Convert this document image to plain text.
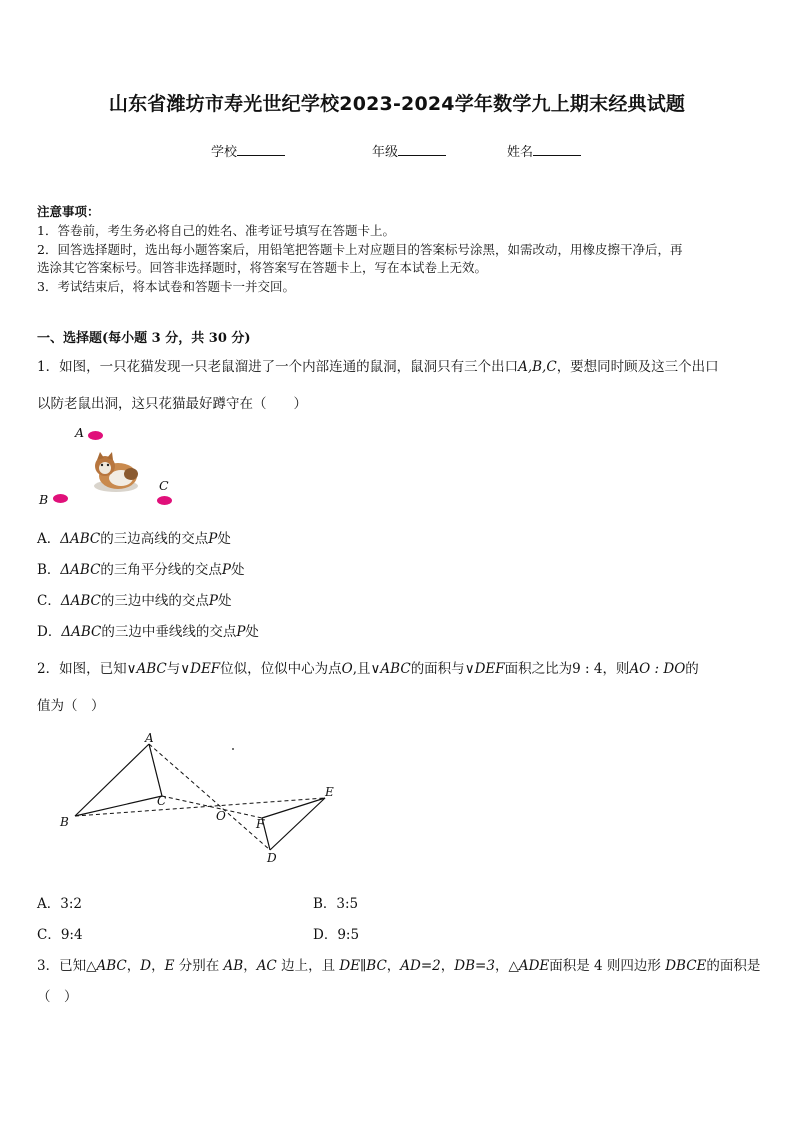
山东省潍坊市寿光世纪学校2023-2024学年数学九上期末经典试题
学校	年级	姓名
注意事项：
1．答卷前，考生务必将自己的姓名、准考证号填写在答题卡上。
2．回答选择题时，选出每小题答案后，用铅笔把答题卡上对应题目的答案标号涂黑，如需改动，用橡皮擦干净后，再
选涂其它答案标号。回答非选择题时，将答案写在答题卡上，写在本试卷上无效。
3．考试结束后，将本试卷和答题卡一并交回。
一、选择题(每小题 3 分，共 30 分)
1．如图，一只花猫发现一只老鼠溜进了一个内部连通的鼠洞，鼠洞只有三个出口A,B,C，要想同时顾及这三个出口
以防老鼠出洞，这只花猫最好蹲守在（　　）
A
B
C
A．ΔABC的三边高线的交点P处
B．ΔABC的三角平分线的交点P处
C．ΔABC的三边中线的交点P处
D．ΔABC的三边中垂线线的交点P处
2．如图，已知∨ABC与∨DEF位似，位似中心为点O,且∨ABC的面积与∨DEF面积之比为9 : 4，则AO : DO的
值为（　）
A
B
C
O
E
F
D
A．3:2	B．3:5
C．9:4	D．9:5
3．已知△ABC，D，E 分别在 AB，AC 边上，且 DE∥BC，AD=2，DB=3，△ADE面积是 4 则四边形 DBCE的面积是
（　）
